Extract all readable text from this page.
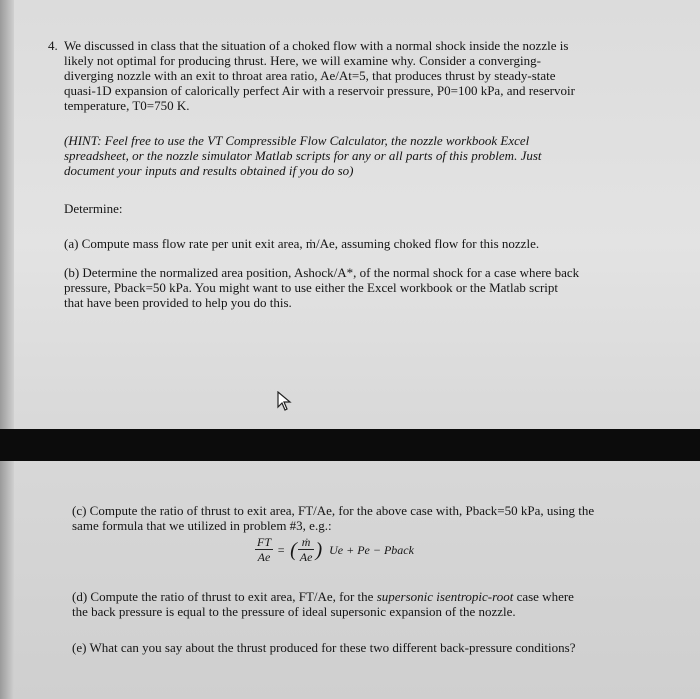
4. We discussed in class that the situation of a choked flow with a normal shock inside the nozzle is
likely not optimal for producing thrust. Here, we will examine why. Consider a converging-
diverging nozzle with an exit to throat area ratio, Ae/At=5, that produces thrust by steady-state
quasi-1D expansion of calorically perfect Air with a reservoir pressure, P0=100 kPa, and reservoir
temperature, T0=750 K.
(HINT: Feel free to use the VT Compressible Flow Calculator, the nozzle workbook Excel
spreadsheet, or the nozzle simulator Matlab scripts for any or all parts of this problem. Just
document your inputs and results obtained if you do so)
Determine:
(a) Compute mass flow rate per unit exit area, ṁ/Ae, assuming choked flow for this nozzle.
(b) Determine the normalized area position, Ashock/A*, of the normal shock for a case where back
pressure, Pback=50 kPa. You might want to use either the Excel workbook or the Matlab script
that have been provided to help you do this.
(c) Compute the ratio of thrust to exit area, FT/Ae, for the above case with, Pback=50 kPa, using the
same formula that we utilized in problem #3, e.g.:
FT	=	(	ṁ	)	Ue + Pe − Pback
Ae			Ae		
(d) Compute the ratio of thrust to exit area, FT/Ae, for the supersonic isentropic-root case where
the back pressure is equal to the pressure of ideal supersonic expansion of the nozzle.
(e) What can you say about the thrust produced for these two different back-pressure conditions?
